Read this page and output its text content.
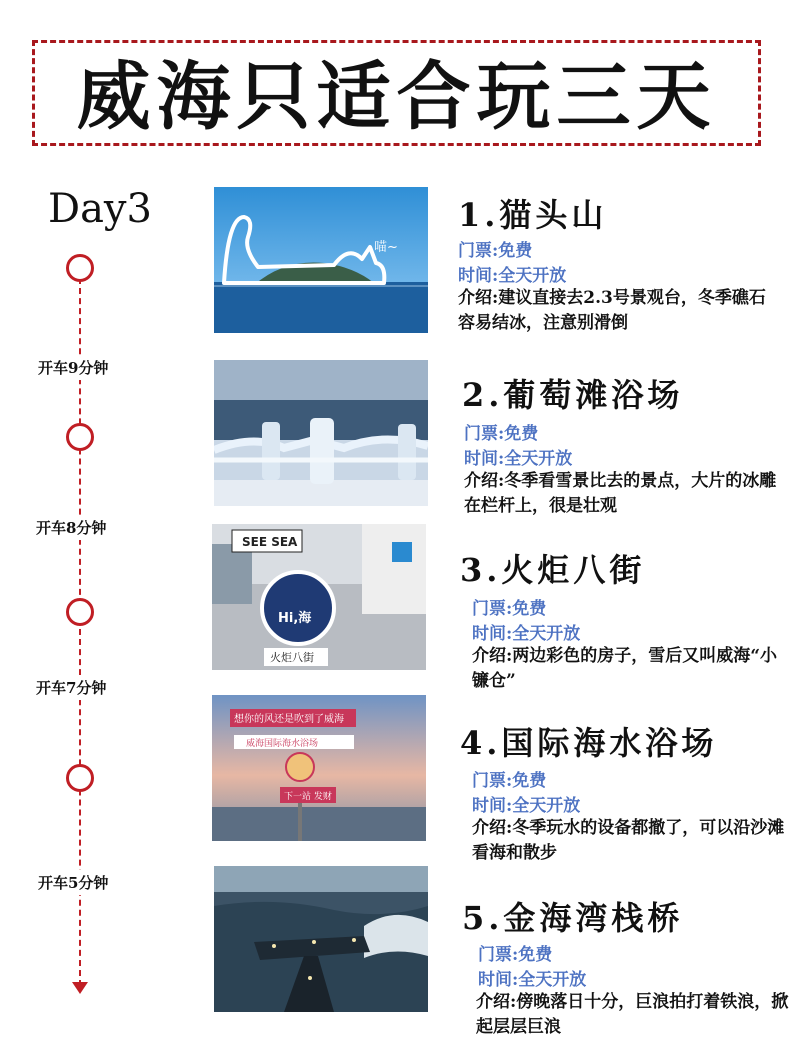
威海只适合玩三天
Day3
开车9分钟
开车8分钟
开车7分钟
开车5分钟
喵~
SEE SEA
Hi,海
火炬八街
想你的风还是吹到了威海
威海国际海水浴场
下一站 发财
1.猫头山
门票:免费
时间:全天开放
介绍:建议直接去2.3号景观台，冬季礁石容易结冰，注意别滑倒
2.葡萄滩浴场
门票:免费
时间:全天开放
介绍:冬季看雪景比去的景点，大片的冰雕在栏杆上，很是壮观
3.火炬八街
门票:免费
时间:全天开放
介绍:两边彩色的房子，雪后又叫威海“小镰仓”
4.国际海水浴场
门票:免费
时间:全天开放
介绍:冬季玩水的设备都撤了，可以沿沙滩看海和散步
5.金海湾栈桥
门票:免费
时间:全天开放
介绍:傍晚落日十分，巨浪拍打着铁浪，掀起层层巨浪
